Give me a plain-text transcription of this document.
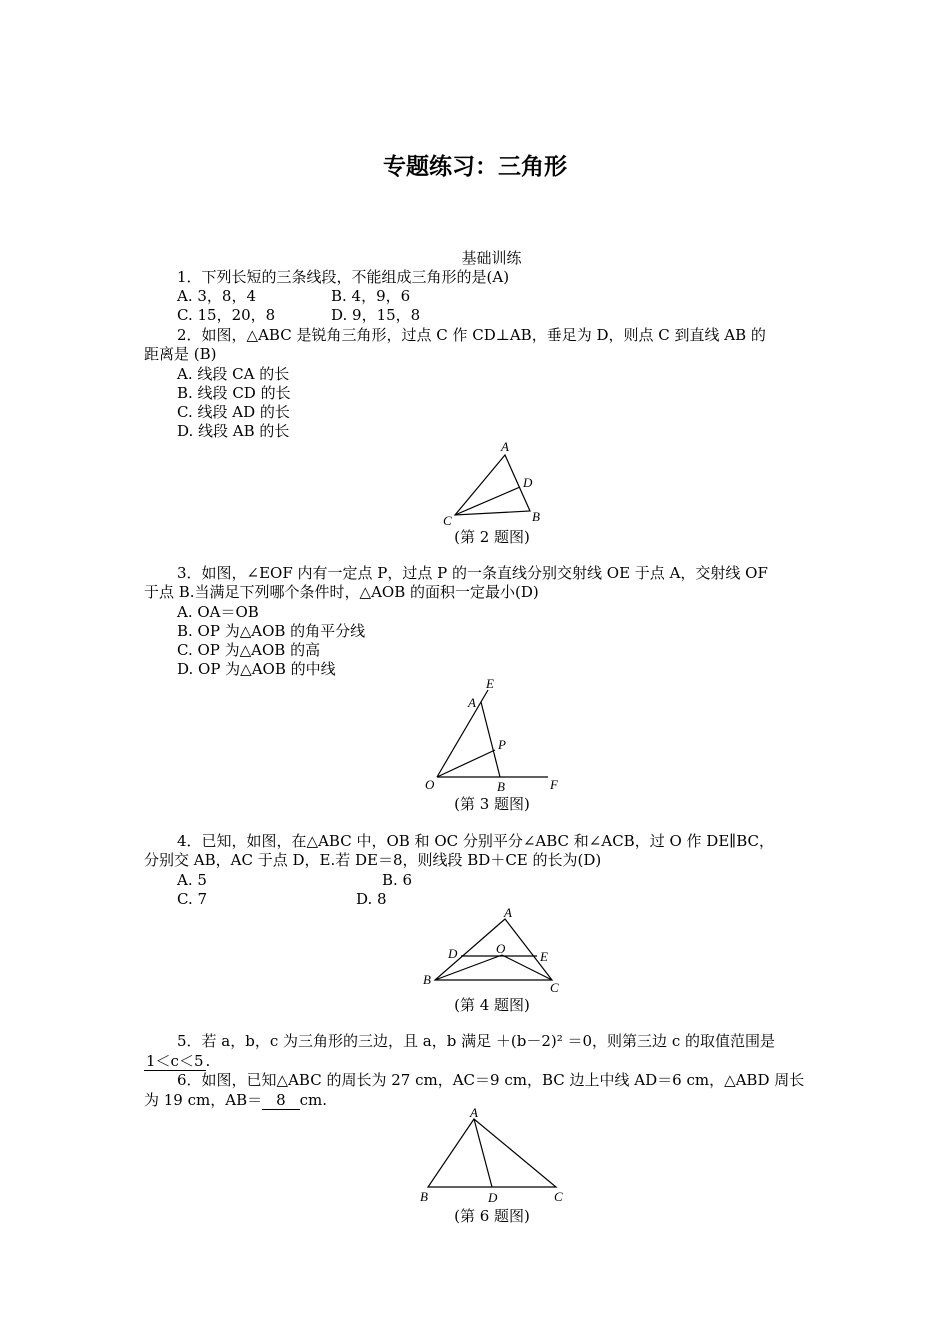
专题练习：三角形
基础训练
1．下列长短的三条线段，不能组成三角形的是(A)
A. 3，8，4	B. 4，9，6
C. 15，20，8	D. 9，15，8
2．如图，△ABC 是锐角三角形，过点 C 作 CD⊥AB，垂足为 D，则点 C 到直线 AB 的
距离是 (B)
A. 线段 CA 的长
B. 线段 CD 的长
C. 线段 AD 的长
D. 线段 AB 的长
A
D
C	B
(第 2 题图)
3．如图，∠EOF 内有一定点 P，过点 P 的一条直线分别交射线 OE 于点 A，交射线 OF
于点 B.当满足下列哪个条件时，△AOB 的面积一定最小(D)
A. OA＝OB
B. OP 为△AOB 的角平分线
C. OP 为△AOB 的高
D. OP 为△AOB 的中线
E
A
P
O	B	F
(第 3 题图)
4．已知，如图，在△ABC 中，OB 和 OC 分别平分∠ABC 和∠ACB，过 O 作 DE∥BC，
分别交 AB，AC 于点 D，E.若 DE＝8，则线段 BD＋CE 的长为(D)
A. 5	B. 6
C. 7	D. 8
A
D	O
E
B
C
(第 4 题图)
5．若 a，b，c 为三角形的三边，且 a，b 满足 ＋(b－2)² ＝0，则第三边 c 的取值范围是
1＜c＜5 .
6．如图，已知△ABC 的周长为 27 cm，AC＝9 cm，BC 边上中线 AD＝6 cm，△ABD 周长
为 19 cm，AB＝ 8 cm.
A
B	D	C
(第 6 题图)
